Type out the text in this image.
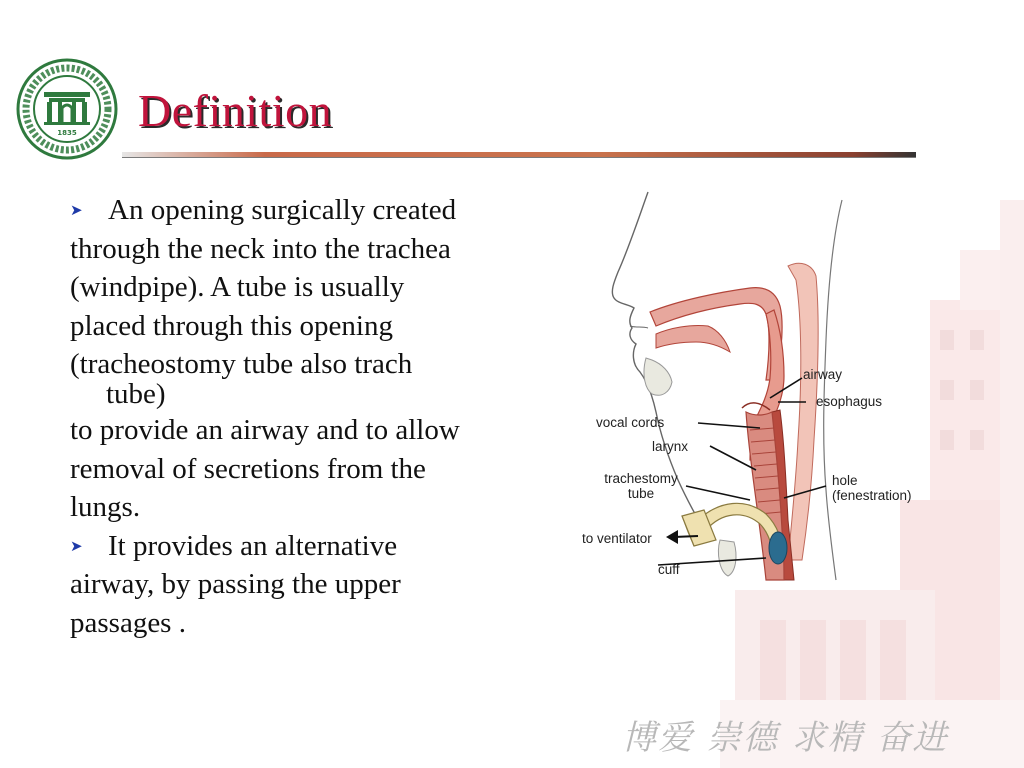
1835 Definition
➤ An opening surgically created
through the neck into the trachea
(windpipe). A tube is usually
placed through this opening
(tracheostomy tube also trach
tube)
to provide an airway and to allow
removal of secretions from the
lungs.
➤ It provides an alternative
airway, by passing the upper
passages .
airway
esophagus
vocal cords
larynx
trachestomy
tube
hole
(fenestration)
to ventilator
cuff
博爱 崇德 求精 奋进
